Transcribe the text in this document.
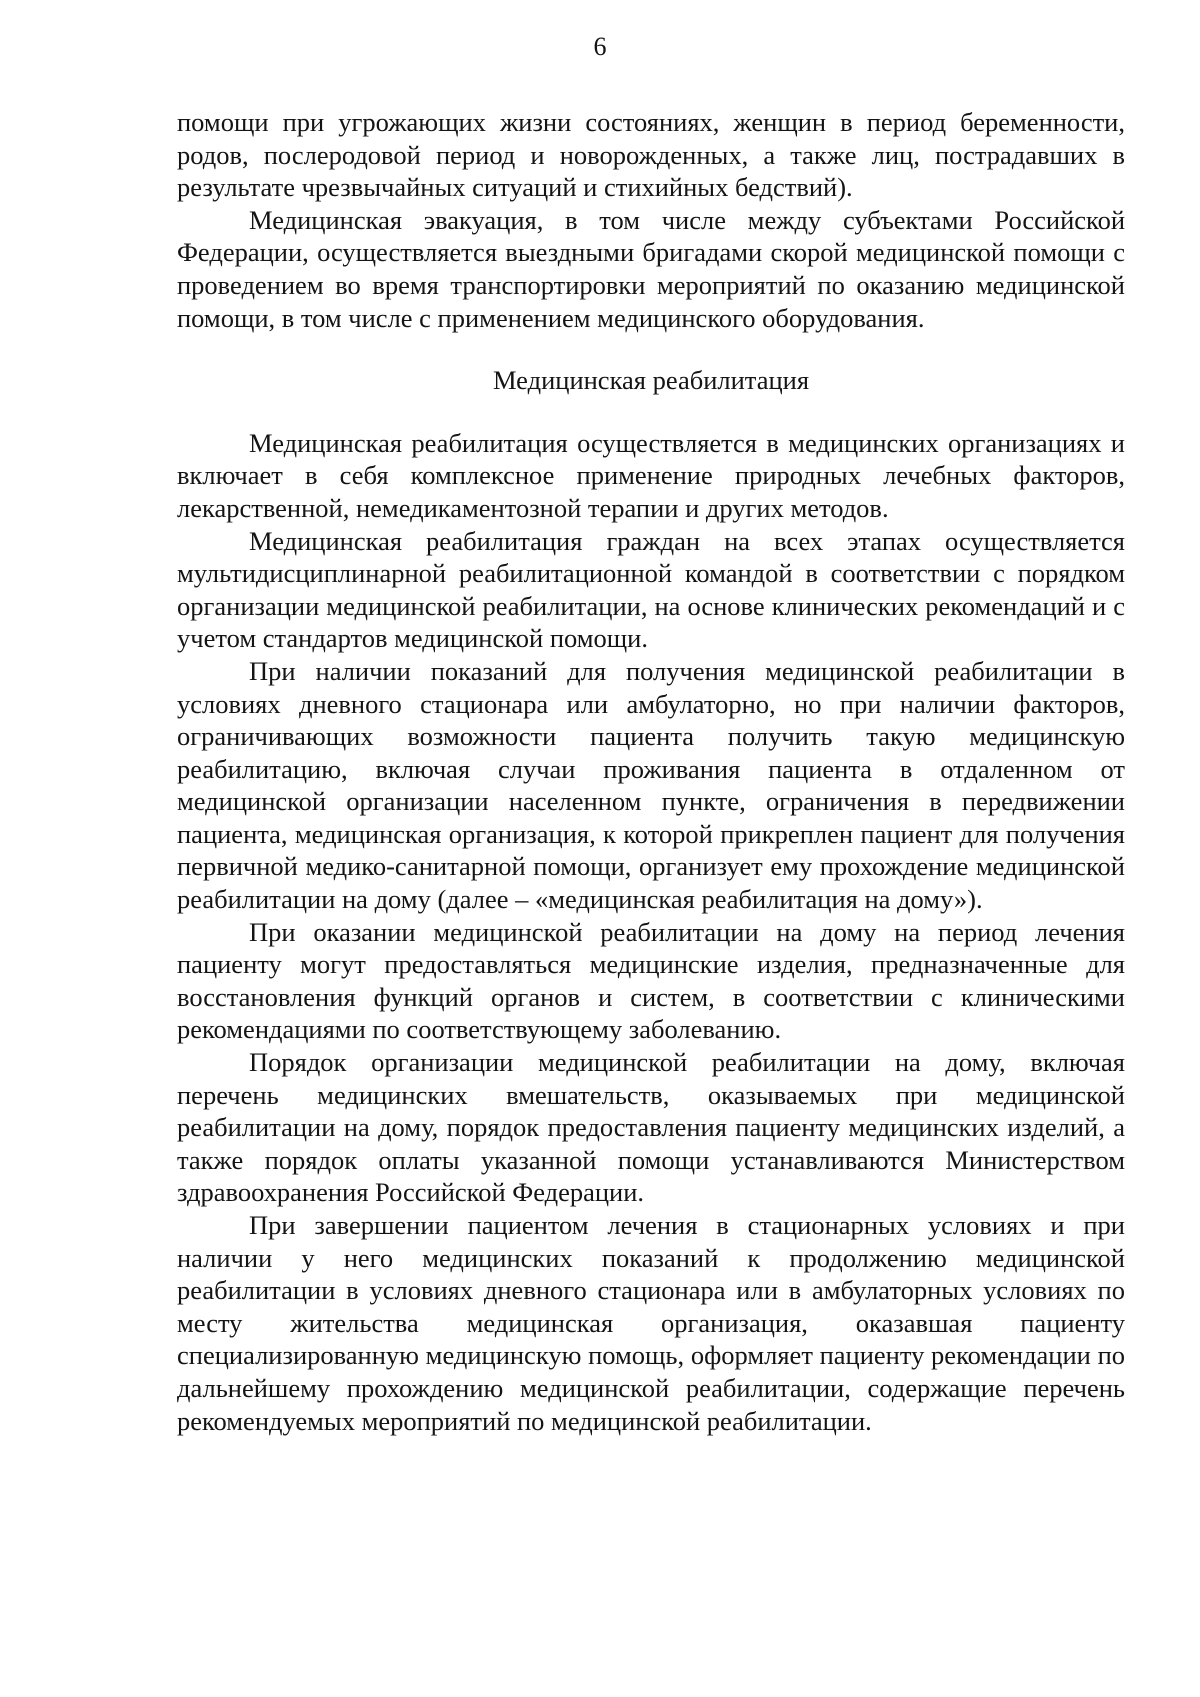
6

помощи при угрожающих жизни состояниях, женщин в период беременности, родов, послеродовой период и новорожденных, а также лиц, пострадавших в результате чрезвычайных ситуаций и стихийных бедствий).

Медицинская эвакуация, в том числе между субъектами Российской Федерации, осуществляется выездными бригадами скорой медицинской помощи с проведением во время транспортировки мероприятий по оказанию медицинской помощи, в том числе с применением медицинского оборудования.

Медицинская реабилитация

Медицинская реабилитация осуществляется в медицинских организациях и включает в себя комплексное применение природных лечебных факторов, лекарственной, немедикаментозной терапии и других методов.

Медицинская реабилитация граждан на всех этапах осуществляется мультидисциплинарной реабилитационной командой в соответствии с порядком организации медицинской реабилитации, на основе клинических рекомендаций и с учетом стандартов медицинской помощи.

При наличии показаний для получения медицинской реабилитации в условиях дневного стационара или амбулаторно, но при наличии факторов, ограничивающих возможности пациента получить такую медицинскую реабилитацию, включая случаи проживания пациента в отдаленном от медицинской организации населенном пункте, ограничения в передвижении пациента, медицинская организация, к которой прикреплен пациент для получения первичной медико-санитарной помощи, организует ему прохождение медицинской реабилитации на дому (далее – «медицинская реабилитация на дому»).

При оказании медицинской реабилитации на дому на период лечения пациенту могут предоставляться медицинские изделия, предназначенные для восстановления функций органов и систем, в соответствии с клиническими рекомендациями по соответствующему заболеванию.

Порядок организации медицинской реабилитации на дому, включая перечень медицинских вмешательств, оказываемых при медицинской реабилитации на дому, порядок предоставления пациенту медицинских изделий, а также порядок оплаты указанной помощи устанавливаются Министерством здравоохранения Российской Федерации.

При завершении пациентом лечения в стационарных условиях и при наличии у него медицинских показаний к продолжению медицинской реабилитации в условиях дневного стационара или в амбулаторных условиях по месту жительства медицинская организация, оказавшая пациенту специализированную медицинскую помощь, оформляет пациенту рекомендации по дальнейшему прохождению медицинской реабилитации, содержащие перечень рекомендуемых мероприятий по медицинской реабилитации.
